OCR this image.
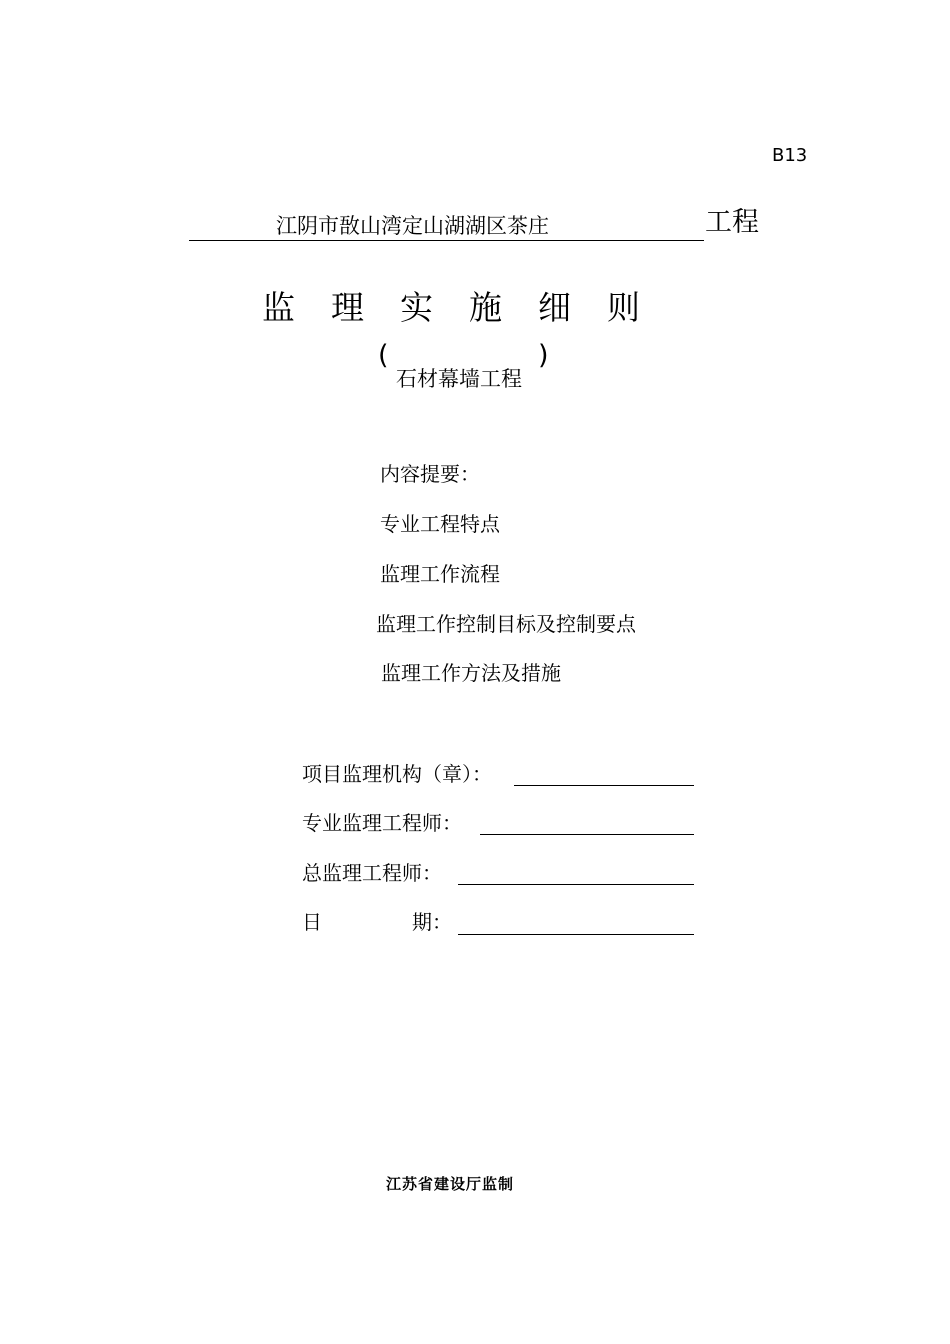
B13
江阴市敔山湾定山湖湖区茶庄	工程
监理实施细则
(
石材幕墙工程
)
内容提要：
专业工程特点
监理工作流程
监理工作控制目标及控制要点
监理工作方法及措施
项目监理机构（章）：
专业监理工程师：
总监理工程师：
日	期：
江苏省建设厅监制
